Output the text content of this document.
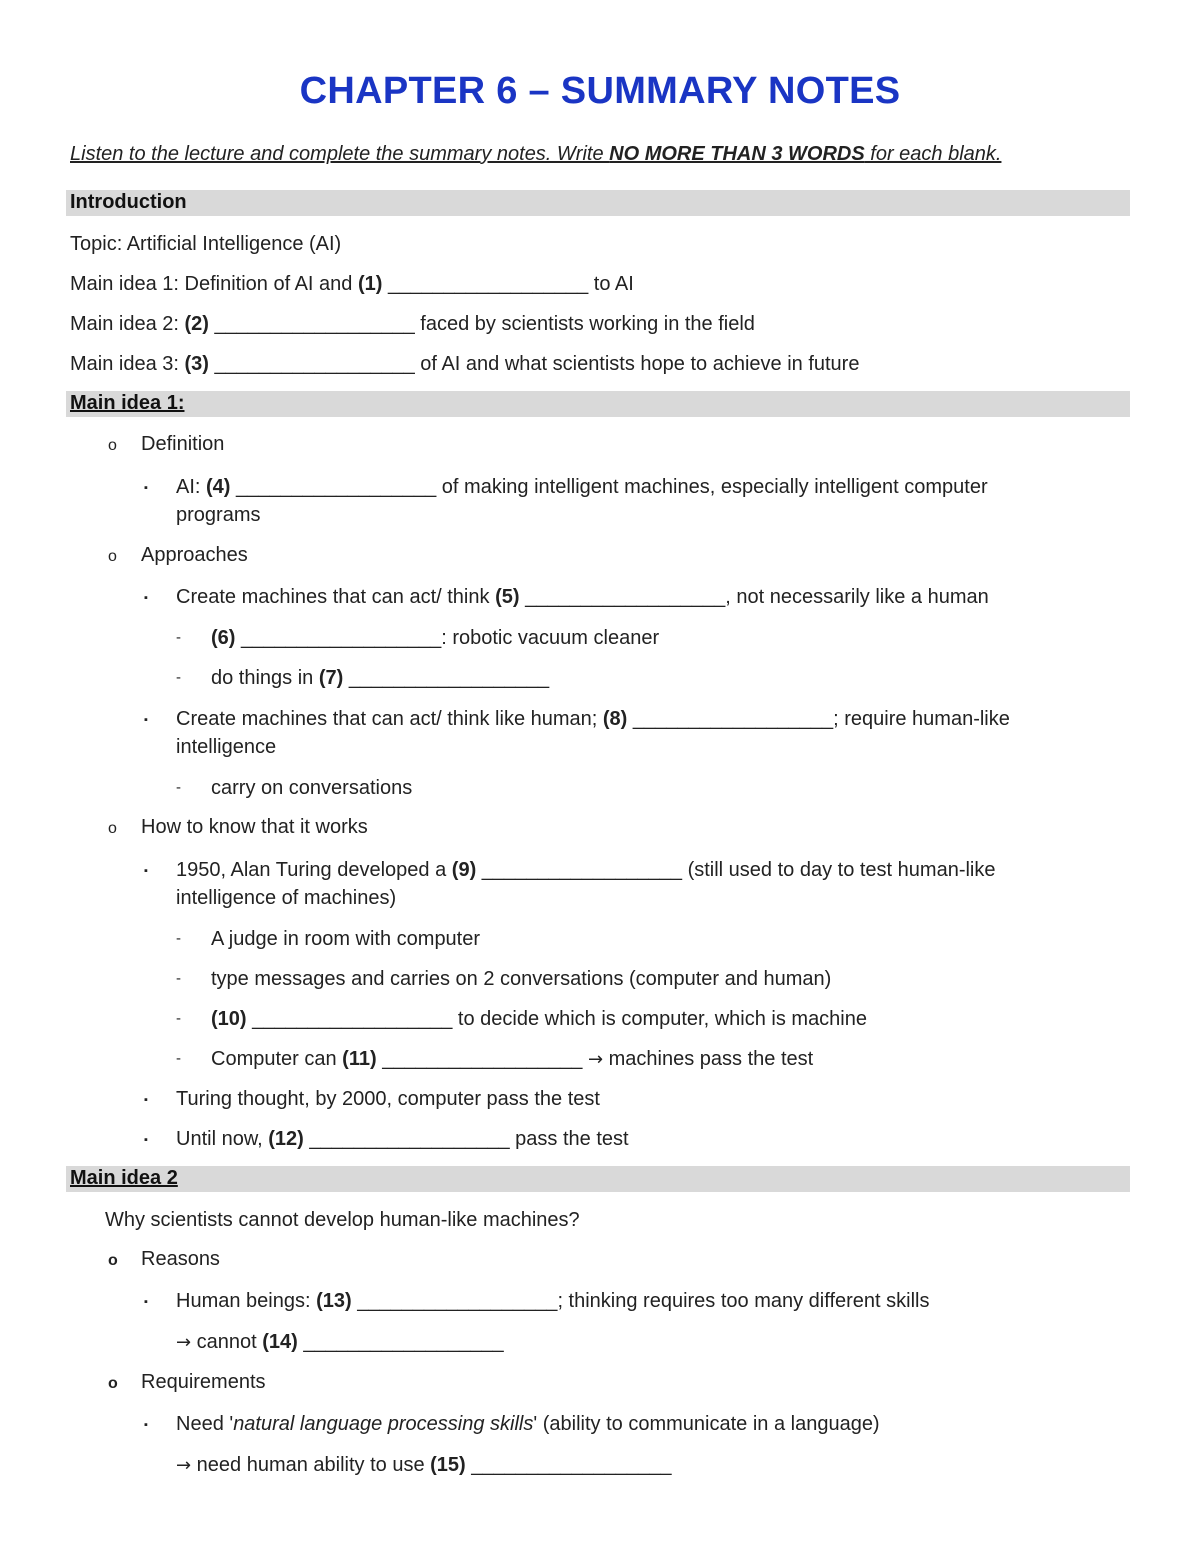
CHAPTER 6 – SUMMARY NOTES
Listen to the lecture and complete the summary notes. Write NO MORE THAN 3 WORDS for each blank.
Introduction
Topic: Artificial Intelligence (AI)
Main idea 1: Definition of AI and (1) __________________ to AI
Main idea 2: (2) __________________ faced by scientists working in the field
Main idea 3: (3) __________________ of AI and what scientists hope to achieve in future
Main idea 1:
o Definition
▪ AI: (4) __________________ of making intelligent machines, especially intelligent computer
programs
o Approaches
▪ Create machines that can act/ think (5) __________________, not necessarily like a human
- (6) __________________: robotic vacuum cleaner
- do things in (7) __________________
▪ Create machines that can act/ think like human; (8) __________________; require human-like
intelligence
- carry on conversations
o How to know that it works
▪ 1950, Alan Turing developed a (9) __________________ (still used to day to test human-like
intelligence of machines)
- A judge in room with computer
- type messages and carries on 2 conversations (computer and human)
- (10) __________________ to decide which is computer, which is machine
- Computer can (11) __________________ → machines pass the test
▪ Turing thought, by 2000, computer pass the test
▪ Until now, (12) __________________ pass the test
Main idea 2
Why scientists cannot develop human-like machines?
o Reasons
▪ Human beings: (13) __________________; thinking requires too many different skills
→ cannot (14) __________________
o Requirements
▪ Need 'natural language processing skills' (ability to communicate in a language)
→ need human ability to use (15) __________________
